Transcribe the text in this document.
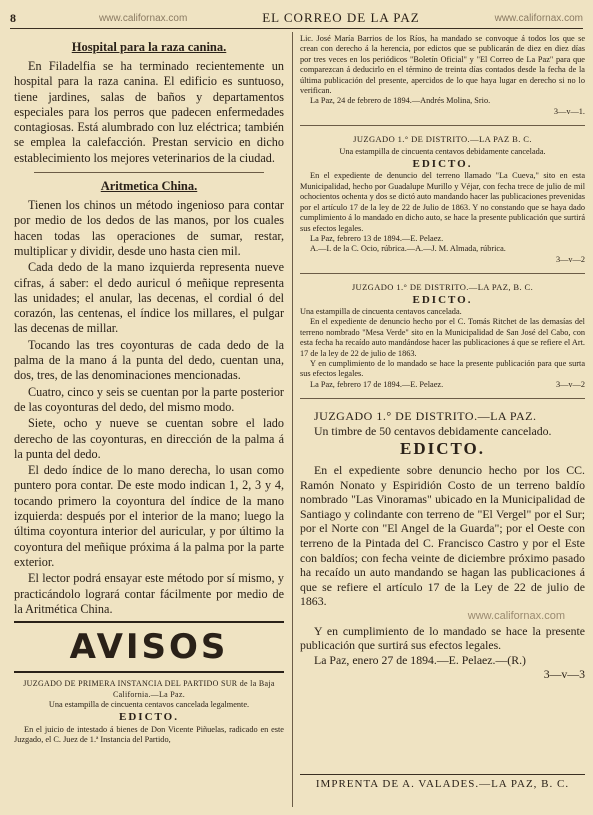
8	www.californax.com	EL CORREO DE LA PAZ	www.californax.com
Hospital para la raza canina.

En Filadelfia se ha terminado recientemente un hospital para la raza canina. El edificio es suntuoso, tiene jardines, salas de baños y departamentos especiales para los perros que padecen enfermedades contagiosas. Está alumbrado con luz eléctrica; también se emplea la calefacción. Prestan servicio en dicho establecimiento los mejores veterinarios de la ciudad.

Aritmetica China.

Tienen los chinos un método ingenioso para contar por medio de los dedos de las manos, por los cuales hacen todas las operaciones de sumar, restar, multiplicar y dividir, desde uno hasta cien mil.

Cada dedo de la mano izquierda representa nueve cifras, á saber: el dedo auricul ó meñique representa las unidades; el anular, las decenas, el cordial ó del corazón, las centenas, el índice los millares, el pulgar las decenas de millar.

Tocando las tres coyonturas de cada dedo de la palma de la mano á la punta del dedo, cuentan una, dos, tres, de las denominaciones mencionadas.

Cuatro, cinco y seis se cuentan por la parte posterior de las coyonturas del dedo, del mismo modo.

Siete, ocho y nueve se cuentan sobre el lado derecho de las coyonturas, en dirección de la palma á la punta del dedo.

El dedo índice de lo mano derecha, lo usan como puntero pora contar. De este modo indican 1, 2, 3 y 4, tocando primero la coyontura del índice de la mano izquierda: después por el interior de la mano; luego la última coyontura interior del auricular, y por último la coyontura del meñique próxima á la palma por la parte exterior.

El lector podrá ensayar este método por sí mismo, y practicándolo logrará contar fácilmente por medio de la Aritmética China.

AVISOS
JUZGADO DE PRIMERA INSTANCIA DEL PARTIDO SUR de la Baja California.—La Paz.

Una estampilla de cincuenta centavos cancelada legalmente.

EDICTO.

En el juicio de intestado á bienes de Don Vicente Piñuelas, radicado en este Juzgado, el C. Juez de 1.ª Instancia del Partido,

Lic. José María Barrios de los Ríos, ha mandado se convoque á todos los que se crean con derecho á la herencia, por edictos que se publicarán de diez en diez días por tres veces en los periódicos "Boletín Oficial" y "El Correo de La Paz" para que comparezcan á deducirlo en el término de treinta días contados desde la fecha de la última publicación del presente, apercidos de lo que haya lugar en derecho si no lo verifican.

La Paz, 24 de febrero de 1894.—Andrés Molina, Srio.

3—v—1.

JUZGADO 1.° DE DISTRITO.—LA PAZ B. C.

Una estampilla de cincuenta centavos debidamente cancelada.

EDICTO.

En el expediente de denuncio del terreno llamado "La Cueva," sito en esta Municipalidad, hecho por Guadalupe Murillo y Véjar, con fecha trece de julio de mil ochocientos ochenta y dos se dictó auto mandando hacer las publicaciones prevenidas por el artículo 17 de la ley de 22 de Julio de 1863. Y no constando que se haya dado cumplimiento á lo mandado en dicho auto, se hace la presente publicación que surtirá sus efectos legales.

La Paz, febrero 13 de 1894.—E. Pelaez.

A.—I. de la C. Ocio, rúbrica.—A.—J. M. Almada, rúbrica.

3—v—2

JUZGADO 1.° DE DISTRITO.—LA PAZ, B. C.
EDICTO.

Una estampilla de cincuenta centavos cancelada.

En el expediente de denuncio hecho por el C. Tomás Ritchet de las demasías del terreno nombrado "Mesa Verde" sito en la Municipalidad de San José del Cabo, con esta fecha ha recaído auto mandándose hacer las publicaciones á que se refiere el Art. 17 de la ley de 22 de julio de 1863.

Y en cumplimiento de lo mandado se hace la presente publicación para que surta sus efectos legales.

La Paz, febrero 17 de 1894.—E. Pelaez.	3—v—2

JUZGADO 1.° DE DISTRITO.—LA PAZ.

Un timbre de 50 centavos debidamente cancelado.

EDICTO.

En el expediente sobre denuncio hecho por los CC. Ramón Nonato y Espiridión Costo de un terreno baldío nombrado "Las Vinoramas" ubicado en la Municipalidad de Santiago y colindante con terreno de "El Vergel" por el Sur; por el Norte con "El Angel de la Guarda"; por el Oeste con terreno de la Pintada del C. Francisco Castro y por el Este con baldíos; con fecha veinte de diciembre próximo pasado ha recaído un auto mandando se hagan las publicaciones á que se refiere el artículo 17 de la Ley de 22 de julio de 1863.

www.californax.com

Y en cumplimiento de lo mandado se hace la presente publicación que surtirá sus efectos legales.

La Paz, enero 27 de 1894.—E. Pelaez.—(R.)

3—v—3

IMPRENTA DE A. VALADES.—LA PAZ, B. C.
